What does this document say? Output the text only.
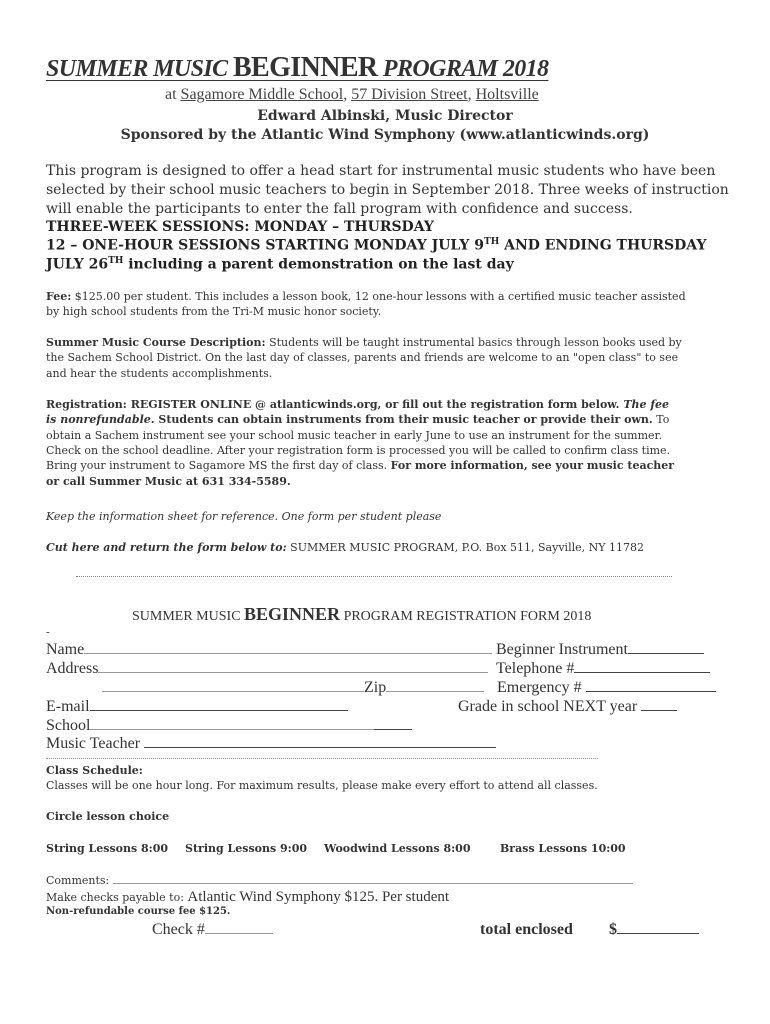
SUMMER MUSIC BEGINNER PROGRAM 2018
at Sagamore Middle School, 57 Division Street, Holtsville
Edward Albinski, Music Director
Sponsored by the Atlantic Wind Symphony (www.atlanticwinds.org)
This program is designed to offer a head start for instrumental music students who have been
selected by their school music teachers to begin in September 2018. Three weeks of instruction
will enable the participants to enter the fall program with confidence and success.
THREE-WEEK SESSIONS: MONDAY – THURSDAY
12 – ONE-HOUR SESSIONS STARTING MONDAY JULY 9TH AND ENDING THURSDAY
JULY 26TH including a parent demonstration on the last day
Fee: $125.00 per student. This includes a lesson book, 12 one-hour lessons with a certified music teacher assisted
by high school students from the Tri-M music honor society.
Summer Music Course Description: Students will be taught instrumental basics through lesson books used by
the Sachem School District. On the last day of classes, parents and friends are welcome to an "open class" to see
and hear the students accomplishments.
Registration: REGISTER ONLINE @ atlanticwinds.org, or fill out the registration form below. The fee
is nonrefundable. Students can obtain instruments from their music teacher or provide their own. To
obtain a Sachem instrument see your school music teacher in early June to use an instrument for the summer.
Check on the school deadline. After your registration form is processed you will be called to confirm class time.
Bring your instrument to Sagamore MS the first day of class. For more information, see your music teacher
or call Summer Music at 631 334-5589.
Keep the information sheet for reference. One form per student please
Cut here and return the form below to: SUMMER MUSIC PROGRAM, P.O. Box 511, Sayville, NY 11782
SUMMER MUSIC BEGINNER PROGRAM REGISTRATION FORM 2018
-
Name	Beginner Instrument
Address	Telephone #
Zip	Emergency #
E-mail	Grade in school NEXT year
School
Music Teacher
Class Schedule:
Classes will be one hour long. For maximum results, please make every effort to attend all classes.
Circle lesson choice
String Lessons 8:00 String Lessons 9:00 Woodwind Lessons 8:00	Brass Lessons 10:00
Comments:
Make checks payable to: Atlantic Wind Symphony $125. Per student
Non-refundable course fee $125.
Check #	total enclosed $
